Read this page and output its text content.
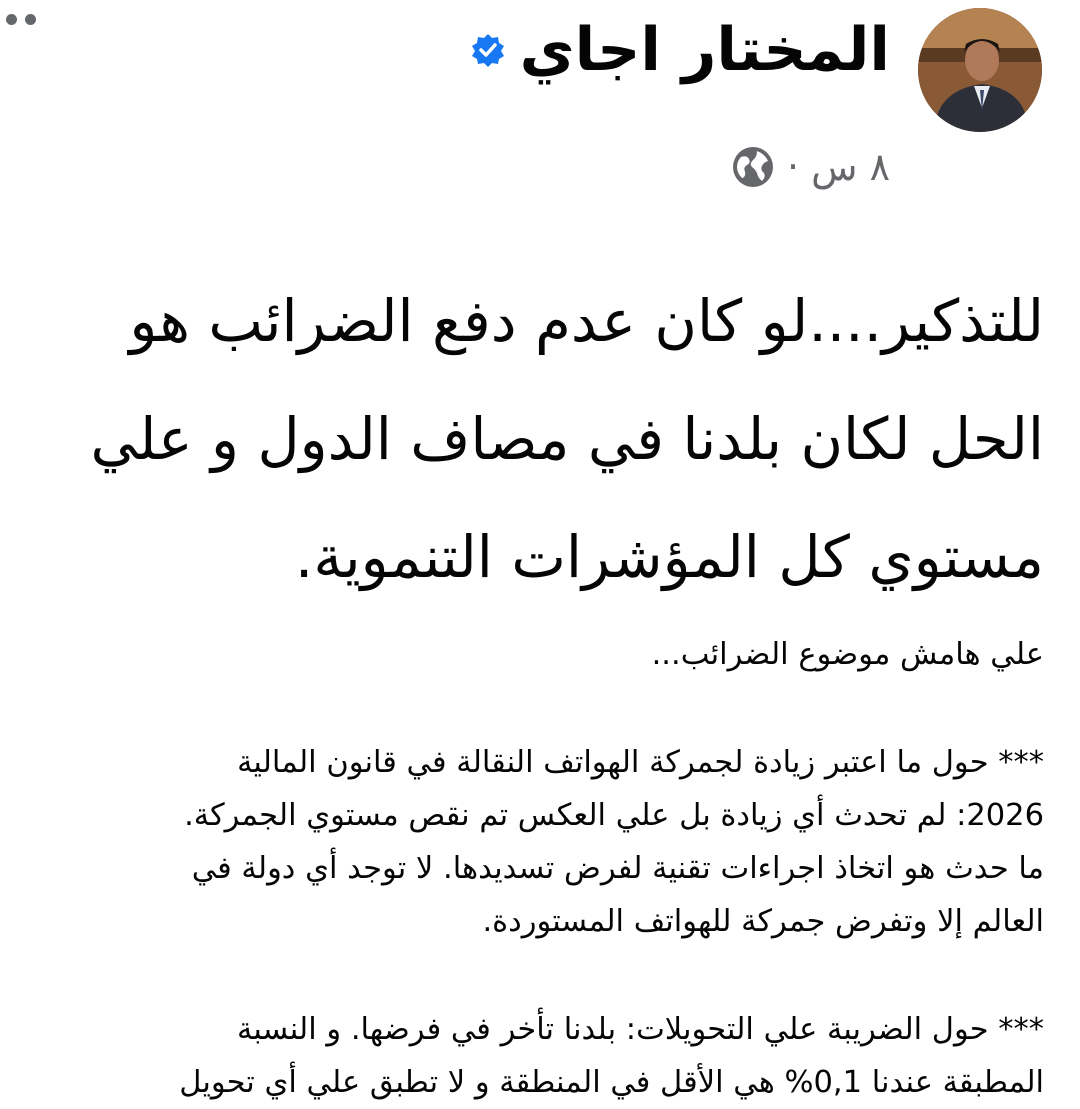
المختار اجاي
٨ س
·
للتذكير....لو كان عدم دفع الضرائب هو
الحل لكان بلدنا في مصاف الدول و علي
مستوي كل المؤشرات التنموية.
علي هامش موضوع الضرائب...
*** حول ما اعتبر زيادة لجمركة الهواتف النقالة في قانون المالية
2026: لم تحدث أي زيادة بل علي العكس تم نقص مستوي الجمركة.
ما حدث هو اتخاذ اجراءات تقنية لفرض تسديدها. لا توجد أي دولة في
العالم إلا وتفرض جمركة للهواتف المستوردة.
*** حول الضريبة علي التحويلات: بلدنا تأخر في فرضها. و النسبة
المطبقة عندنا 0,1% هي الأقل في المنطقة و لا تطبق علي أي تحويل
